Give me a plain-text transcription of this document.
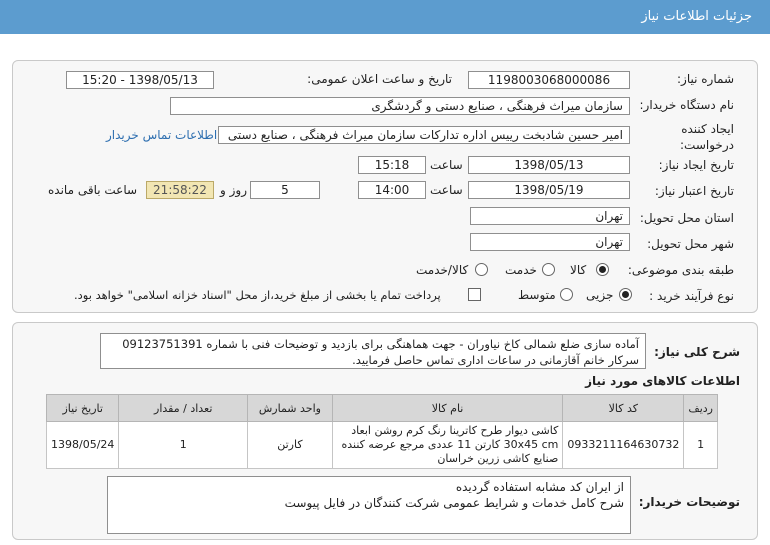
جزئیات اطلاعات نیاز
شماره نیاز:
1198003068000086
تاریخ و ساعت اعلان عمومی:
1398/05/13 - 15:20
نام دستگاه خریدار:
سازمان میراث فرهنگی ، صنایع دستی و گردشگری
ایجاد کننده
درخواست:
امیر حسین شادبخت رییس اداره تدارکات سازمان میراث فرهنگی ، صنایع دستی
اطلاعات تماس خریدار
تاریخ ایجاد نیاز:
1398/05/13
ساعت
15:18
تاریخ اعتبار نیاز:
1398/05/19
ساعت
14:00
5
روز و
21:58:22
ساعت باقی مانده
استان محل تحویل:
تهران
شهر محل تحویل:
تهران
طبقه بندی موضوعی:
کالا
خدمت
کالا/خدمت
نوع فرآیند خرید :
جزیی
متوسط
پرداخت تمام یا بخشی از مبلغ خرید،از محل "اسناد خزانه اسلامی" خواهد بود.
شرح کلی نیاز:
آماده سازی ضلع شمالی کاخ نیاوران - جهت هماهنگی برای بازدید و توضیحات فنی با شماره 09123751391 سرکار خانم آقازمانی در ساعات اداری تماس حاصل فرمایید.
اطلاعات کالاهای مورد نیاز
ردیف	کد کالا	نام کالا	واحد شمارش	تعداد / مقدار	تاریخ نیاز
1	0933211164630732	کاشی دیوار طرح کاترینا رنگ کرم روشن ابعاد 30x45 cm کارتن 11 عددی مرجع عرضه کننده صنایع کاشی زرین خراسان	کارتن	1	1398/05/24
توضیحات خریدار:
از ایران کد مشابه استفاده گردیده
شرح کامل خدمات و شرایط عمومی شرکت کنندگان در فایل پیوست
